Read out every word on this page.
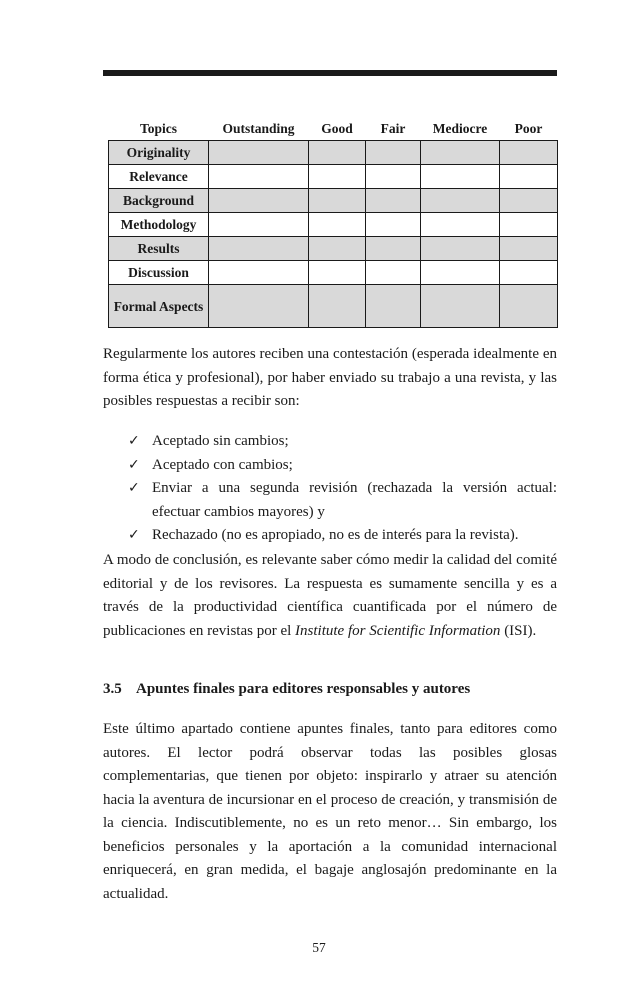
Topics	Outstanding	Good	Fair	Mediocre	Poor
Originality					
Relevance					
Background					
Methodology					
Results					
Discussion					
Formal Aspects					

Regularmente los autores reciben una contestación (esperada idealmente en forma ética y profesional), por haber enviado su trabajo a una revista, y las posibles respuestas a recibir son:

✓ Aceptado sin cambios;
✓ Aceptado con cambios;
✓ Enviar a una segunda revisión (rechazada la versión actual: efectuar cambios mayores) y
✓ Rechazado (no es apropiado, no es de interés para la revista).

A modo de conclusión, es relevante saber cómo medir la calidad del comité editorial y de los revisores. La respuesta es sumamente sencilla y es a través de la productividad científica cuantificada por el número de publicaciones en revistas por el Institute for Scientific Information (ISI).

3.5 Apuntes finales para editores responsables y autores

Este último apartado contiene apuntes finales, tanto para editores como autores. El lector podrá observar todas las posibles glosas complementarias, que tienen por objeto: inspirarlo y atraer su atención hacia la aventura de incursionar en el proceso de creación, y transmisión de la ciencia. Indiscutiblemente, no es un reto menor… Sin embargo, los beneficios personales y la aportación a la comunidad internacional enriquecerá, en gran medida, el bagaje anglosajón predominante en la actualidad.

57
